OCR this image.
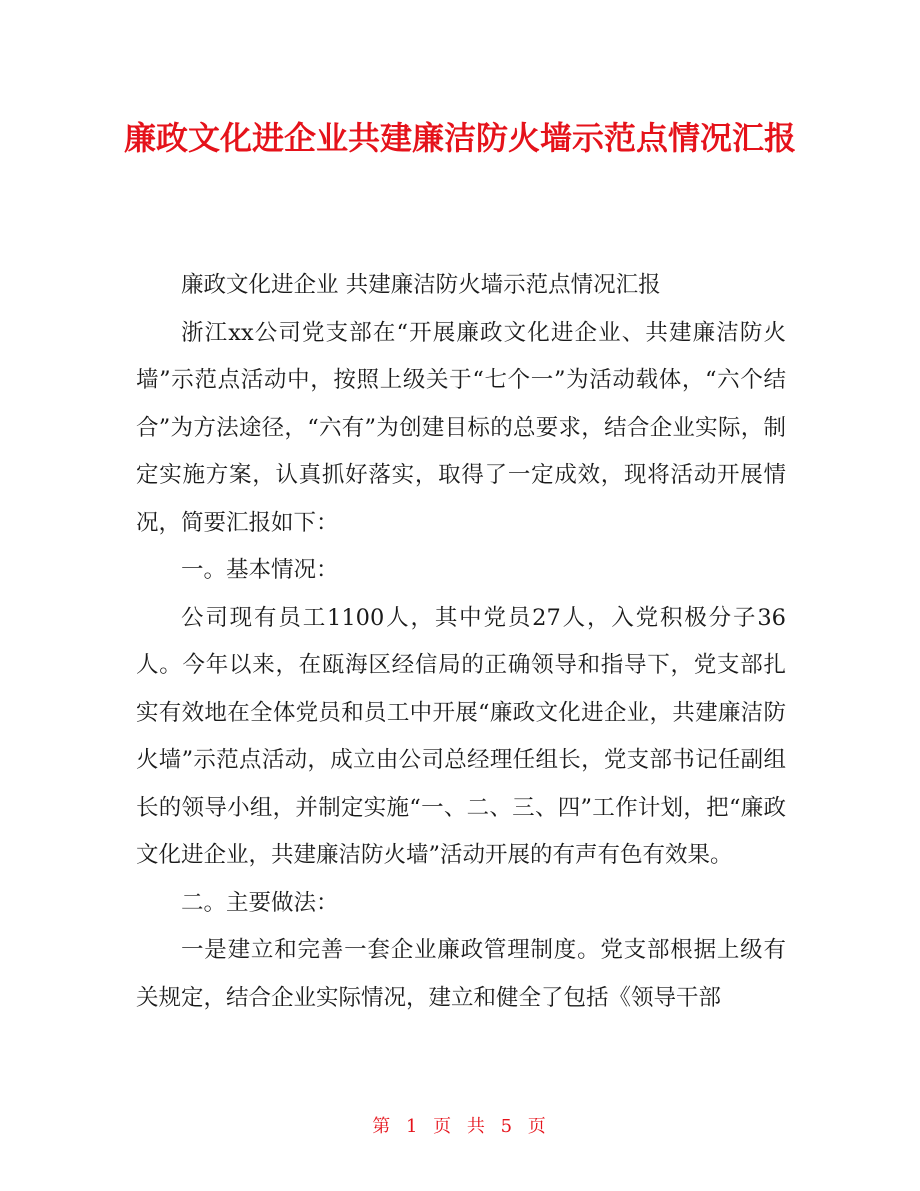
廉政文化进企业共建廉洁防火墙示范点情况汇报

廉政文化进企业 共建廉洁防火墙示范点情况汇报

浙江xx公司党支部在“开展廉政文化进企业、共建廉洁防火墙”示范点活动中，按照上级关于“七个一”为活动载体，“六个结合”为方法途径，“六有”为创建目标的总要求，结合企业实际，制定实施方案，认真抓好落实，取得了一定成效，现将活动开展情况，简要汇报如下：

一。基本情况：

公司现有员工1100人，其中党员27人，入党积极分子36人。今年以来，在瓯海区经信局的正确领导和指导下，党支部扎实有效地在全体党员和员工中开展“廉政文化进企业，共建廉洁防火墙”示范点活动，成立由公司总经理任组长，党支部书记任副组长的领导小组，并制定实施“一、二、三、四”工作计划，把“廉政文化进企业，共建廉洁防火墙”活动开展的有声有色有效果。

二。主要做法：

一是建立和完善一套企业廉政管理制度。党支部根据上级有关规定，结合企业实际情况，建立和健全了包括《领导干部

第 1 页 共 5 页
